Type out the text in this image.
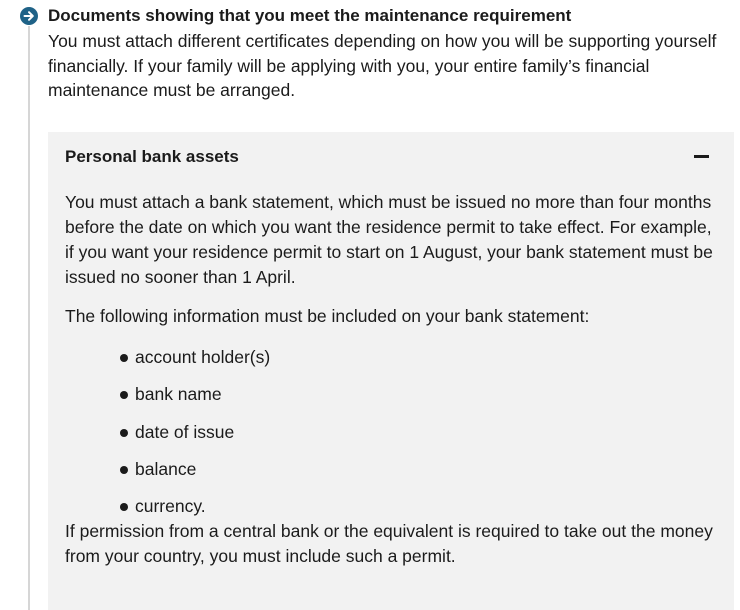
Documents showing that you meet the maintenance requirement

You must attach different certificates depending on how you will be supporting yourself financially. If your family will be applying with you, your entire family’s financial maintenance must be arranged.

Personal bank assets

You must attach a bank statement, which must be issued no more than four months before the date on which you want the residence permit to take effect. For example, if you want your residence permit to start on 1 August, your bank statement must be issued no sooner than 1 April.

The following information must be included on your bank statement:

account holder(s)
bank name
date of issue
balance
currency.

If permission from a central bank or the equivalent is required to take out the money from your country, you must include such a permit.
